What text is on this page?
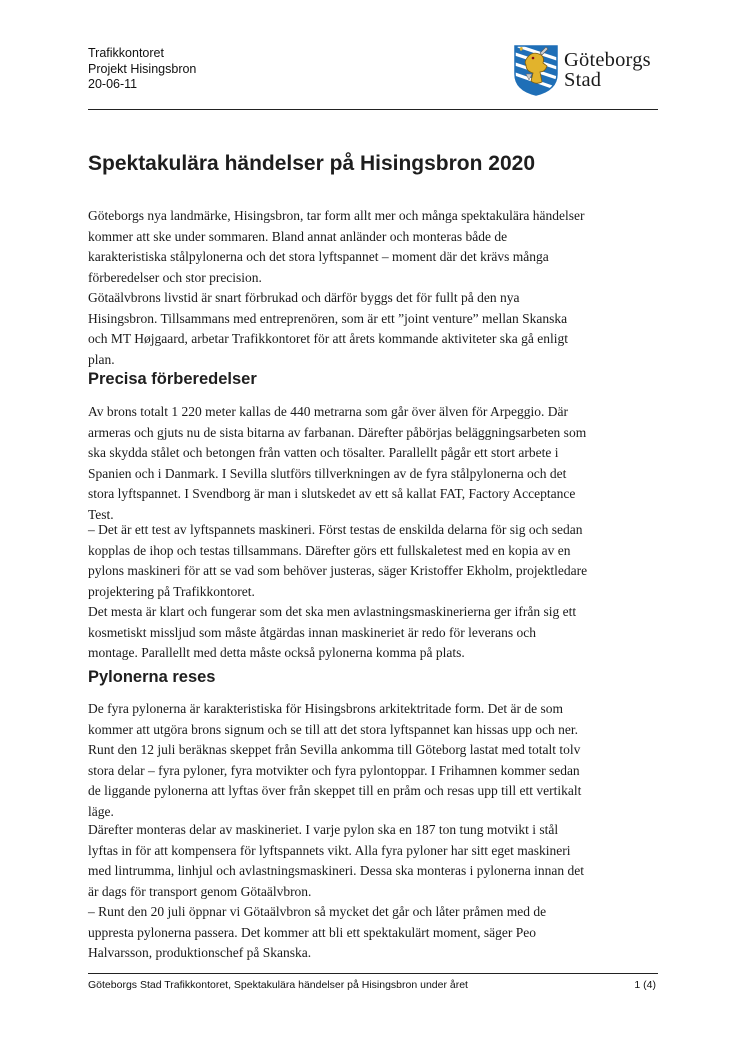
Trafikkontoret
Projekt Hisingsbron
20-06-11
Göteborgs
Stad
Spektakulära händelser på Hisingsbron 2020

Göteborgs nya landmärke, Hisingsbron, tar form allt mer och många spektakulära händelser kommer att ske under sommaren. Bland annat anländer och monteras både de karakteristiska stålpylonerna och det stora lyftspannet – moment där det krävs många förberedelser och stor precision.

Götaälvbrons livstid är snart förbrukad och därför byggs det för fullt på den nya Hisingsbron. Tillsammans med entreprenören, som är ett ”joint venture” mellan Skanska och MT Højgaard, arbetar Trafikkontoret för att årets kommande aktiviteter ska gå enligt plan.

Precisa förberedelser

Av brons totalt 1 220 meter kallas de 440 metrarna som går över älven för Arpeggio. Där armeras och gjuts nu de sista bitarna av farbanan. Därefter påbörjas beläggningsarbeten som ska skydda stålet och betongen från vatten och tösalter. Parallellt pågår ett stort arbete i Spanien och i Danmark. I Sevilla slutförs tillverkningen av de fyra stålpylonerna och det stora lyftspannet. I Svendborg är man i slutskedet av ett så kallat FAT, Factory Acceptance Test.

– Det är ett test av lyftspannets maskineri. Först testas de enskilda delarna för sig och sedan kopplas de ihop och testas tillsammans. Därefter görs ett fullskaletest med en kopia av en pylons maskineri för att se vad som behöver justeras, säger Kristoffer Ekholm, projektledare projektering på Trafikkontoret.

Det mesta är klart och fungerar som det ska men avlastningsmaskinerierna ger ifrån sig ett kosmetiskt missljud som måste åtgärdas innan maskineriet är redo för leverans och montage. Parallellt med detta måste också pylonerna komma på plats.

Pylonerna reses

De fyra pylonerna är karakteristiska för Hisingsbrons arkitektritade form. Det är de som kommer att utgöra brons signum och se till att det stora lyftspannet kan hissas upp och ner. Runt den 12 juli beräknas skeppet från Sevilla ankomma till Göteborg lastat med totalt tolv stora delar – fyra pyloner, fyra motvikter och fyra pylontoppar. I Frihamnen kommer sedan de liggande pylonerna att lyftas över från skeppet till en pråm och resas upp till ett vertikalt läge.

Därefter monteras delar av maskineriet. I varje pylon ska en 187 ton tung motvikt i stål lyftas in för att kompensera för lyftspannets vikt. Alla fyra pyloner har sitt eget maskineri med lintrumma, linhjul och avlastningsmaskineri. Dessa ska monteras i pylonerna innan det är dags för transport genom Götaälvbron.

– Runt den 20 juli öppnar vi Götaälvbron så mycket det går och låter pråmen med de uppresta pylonerna passera. Det kommer att bli ett spektakulärt moment, säger Peo Halvarsson, produktionschef på Skanska.

Göteborgs Stad Trafikkontoret, Spektakulära händelser på Hisingsbron under året	1 (4)
